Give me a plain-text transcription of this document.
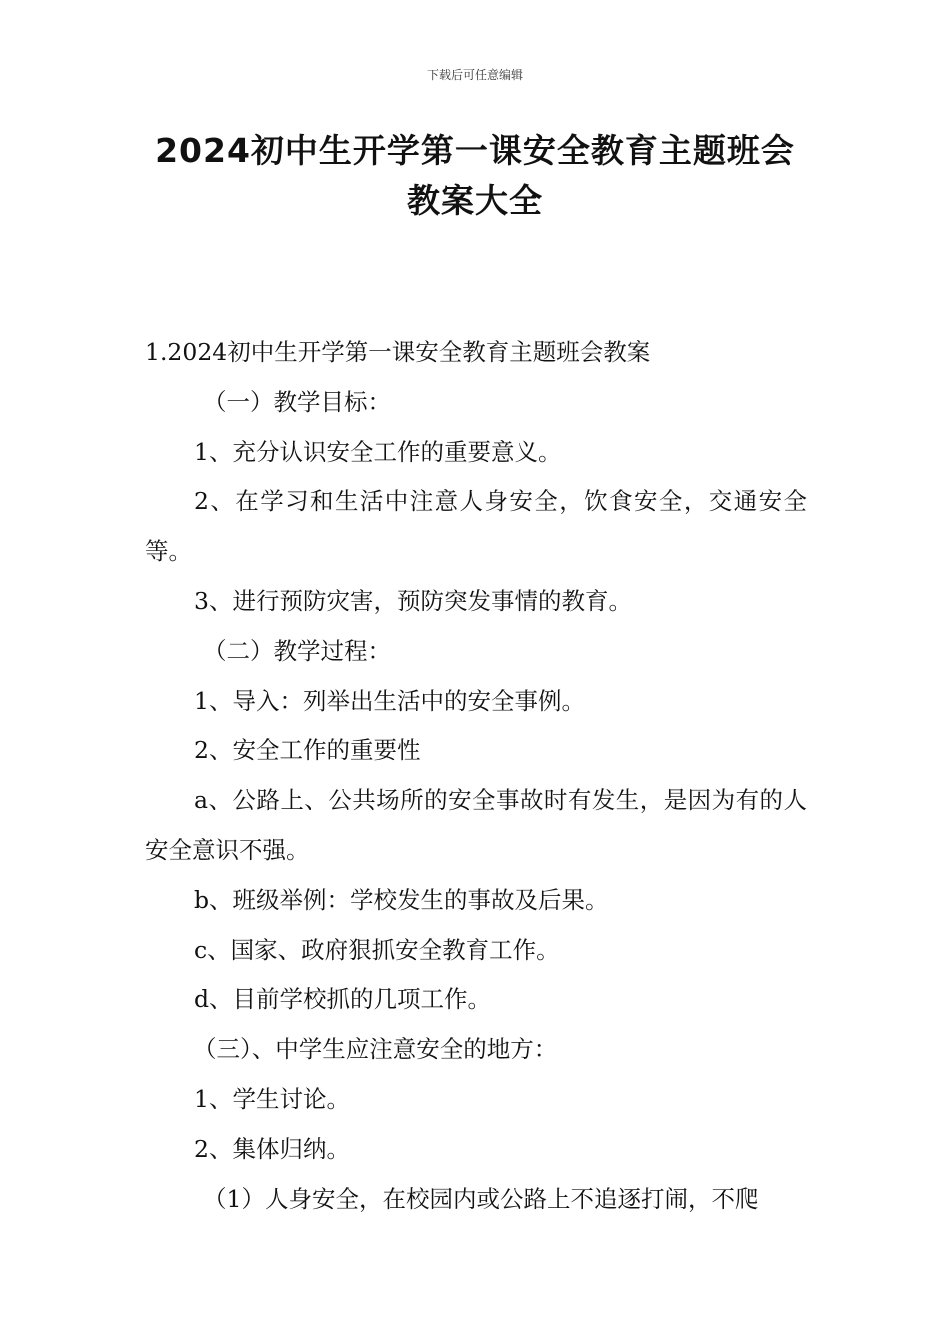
下载后可任意编辑
2024初中生开学第一课安全教育主题班会
教案大全

1.2024初中生开学第一课安全教育主题班会教案

（一）教学目标：

1、充分认识安全工作的重要意义。

2、在学习和生活中注意人身安全，饮食安全，交通安全等。

3、进行预防灾害，预防突发事情的教育。

（二）教学过程：

1、导入：列举出生活中的安全事例。

2、安全工作的重要性

a、公路上、公共场所的安全事故时有发生，是因为有的人安全意识不强。

b、班级举例：学校发生的事故及后果。

c、国家、政府狠抓安全教育工作。

d、目前学校抓的几项工作。

（三）、中学生应注意安全的地方：

1、学生讨论。

2、集体归纳。

（1）人身安全，在校园内或公路上不追逐打闹，不爬
